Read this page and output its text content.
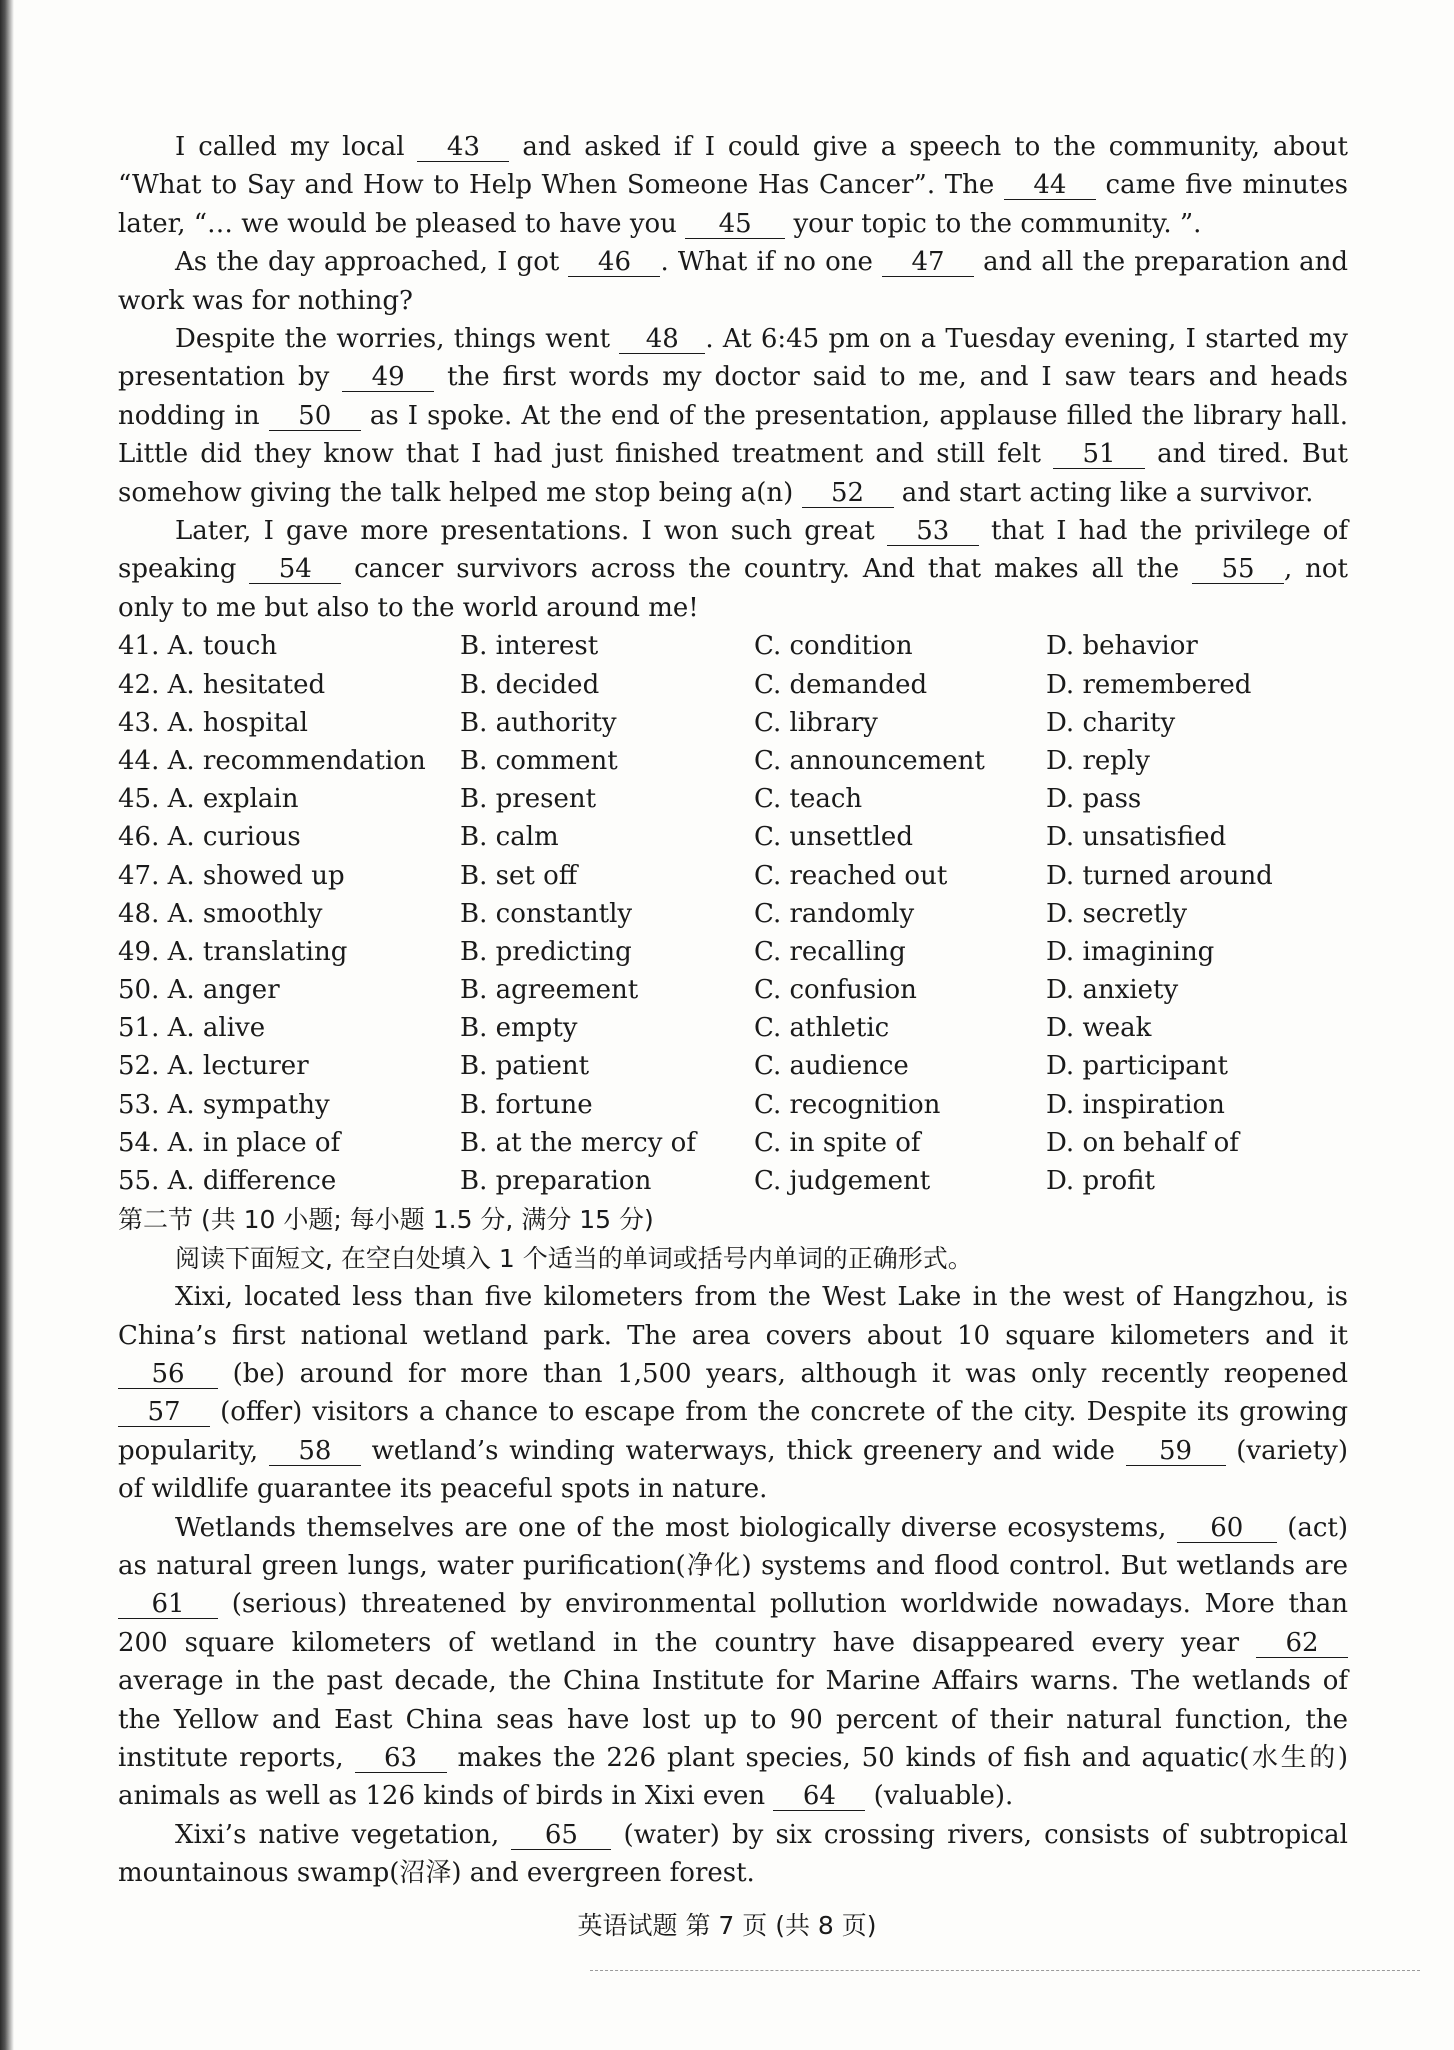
I called my local 43 and asked if I could give a speech to the community, about “What to Say and How to Help When Someone Has Cancer”. The 44 came five minutes later, “… we would be pleased to have you 45 your topic to the community. ”.

As the day approached, I got 46 . What if no one 47 and all the preparation and work was for nothing?

Despite the worries, things went 48 . At 6:45 pm on a Tuesday evening, I started my presentation by 49 the first words my doctor said to me, and I saw tears and heads nodding in 50 as I spoke. At the end of the presentation, applause filled the library hall. Little did they know that I had just finished treatment and still felt 51 and tired. But somehow giving the talk helped me stop being a(n) 52 and start acting like a survivor.

Later, I gave more presentations. I won such great 53 that I had the privilege of speaking 54 cancer survivors across the country. And that makes all the 55 , not only to me but also to the world around me!

41. A. touch	B. interest	C. condition	D. behavior
42. A. hesitated	B. decided	C. demanded	D. remembered
43. A. hospital	B. authority	C. library	D. charity
44. A. recommendation	B. comment	C. announcement	D. reply
45. A. explain	B. present	C. teach	D. pass
46. A. curious	B. calm	C. unsettled	D. unsatisfied
47. A. showed up	B. set off	C. reached out	D. turned around
48. A. smoothly	B. constantly	C. randomly	D. secretly
49. A. translating	B. predicting	C. recalling	D. imagining
50. A. anger	B. agreement	C. confusion	D. anxiety
51. A. alive	B. empty	C. athletic	D. weak
52. A. lecturer	B. patient	C. audience	D. participant
53. A. sympathy	B. fortune	C. recognition	D. inspiration
54. A. in place of	B. at the mercy of	C. in spite of	D. on behalf of
55. A. difference	B. preparation	C. judgement	D. profit

第二节 (共 10 小题; 每小题 1.5 分, 满分 15 分)

阅读下面短文, 在空白处填入 1 个适当的单词或括号内单词的正确形式。

Xixi, located less than five kilometers from the West Lake in the west of Hangzhou, is China’s first national wetland park. The area covers about 10 square kilometers and it 56 (be) around for more than 1,500 years, although it was only recently reopened 57 (offer) visitors a chance to escape from the concrete of the city. Despite its growing popularity, 58 wetland’s winding waterways, thick greenery and wide 59 (variety) of wildlife guarantee its peaceful spots in nature.

Wetlands themselves are one of the most biologically diverse ecosystems, 60 (act) as natural green lungs, water purification(净化) systems and flood control. But wetlands are 61 (serious) threatened by environmental pollution worldwide nowadays. More than 200 square kilometers of wetland in the country have disappeared every year 62 average in the past decade, the China Institute for Marine Affairs warns. The wetlands of the Yellow and East China seas have lost up to 90 percent of their natural function, the institute reports, 63 makes the 226 plant species, 50 kinds of fish and aquatic(水生的) animals as well as 126 kinds of birds in Xixi even 64 (valuable).

Xixi’s native vegetation, 65 (water) by six crossing rivers, consists of subtropical mountainous swamp(沼泽) and evergreen forest.

英语试题 第 7 页 (共 8 页)
